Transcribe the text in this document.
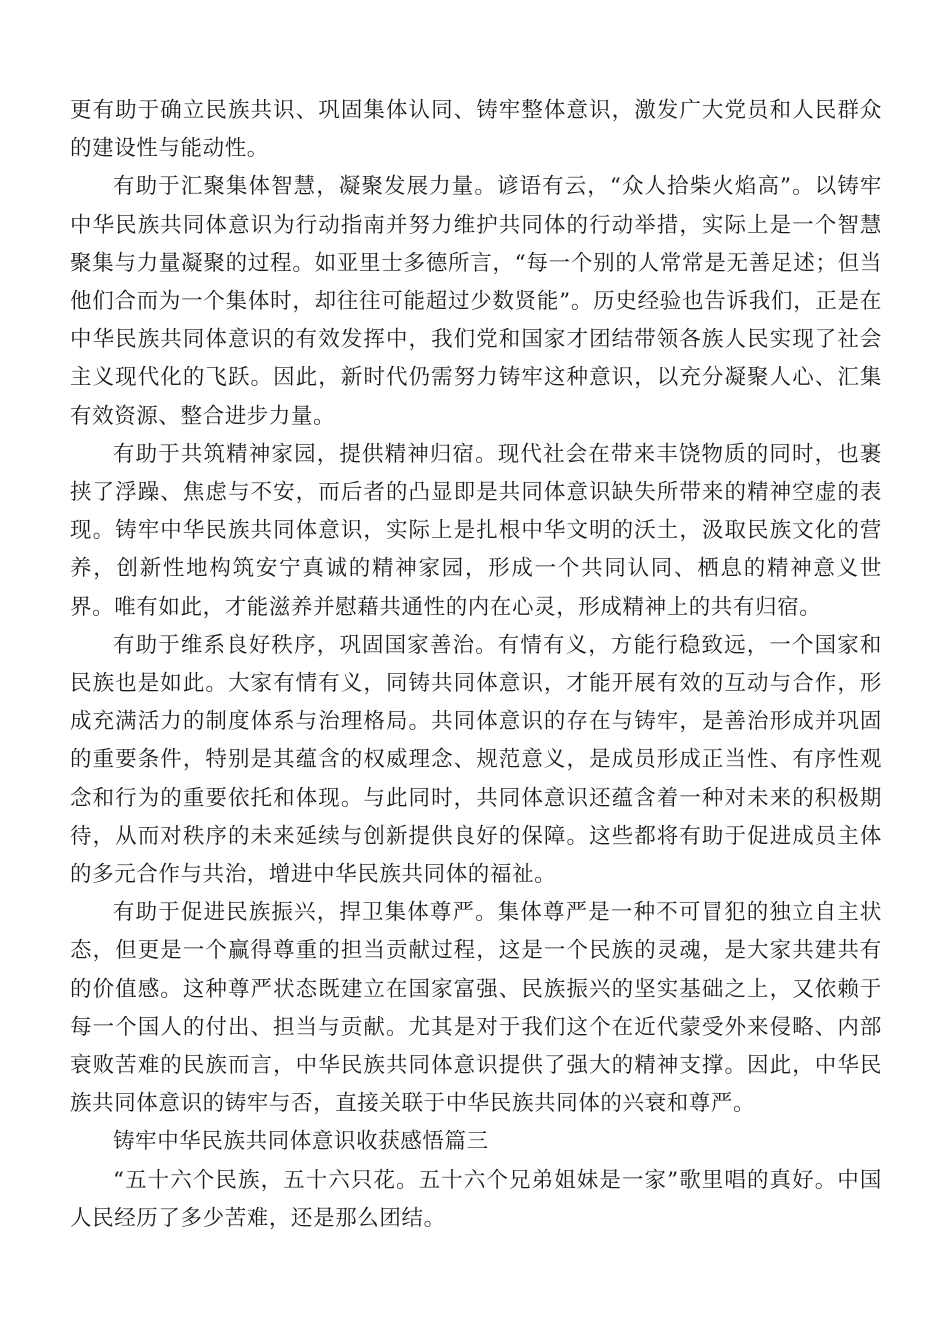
更有助于确立民族共识、巩固集体认同、铸牢整体意识，激发广大党员和人民群众的建设性与能动性。

有助于汇聚集体智慧，凝聚发展力量。谚语有云，“众人拾柴火焰高”。以铸牢中华民族共同体意识为行动指南并努力维护共同体的行动举措，实际上是一个智慧聚集与力量凝聚的过程。如亚里士多德所言，“每一个别的人常常是无善足述；但当他们合而为一个集体时，却往往可能超过少数贤能”。历史经验也告诉我们，正是在中华民族共同体意识的有效发挥中，我们党和国家才团结带领各族人民实现了社会主义现代化的飞跃。因此，新时代仍需努力铸牢这种意识，以充分凝聚人心、汇集有效资源、整合进步力量。

有助于共筑精神家园，提供精神归宿。现代社会在带来丰饶物质的同时，也裹挟了浮躁、焦虑与不安，而后者的凸显即是共同体意识缺失所带来的精神空虚的表现。铸牢中华民族共同体意识，实际上是扎根中华文明的沃土，汲取民族文化的营养，创新性地构筑安宁真诚的精神家园，形成一个共同认同、栖息的精神意义世界。唯有如此，才能滋养并慰藉共通性的内在心灵，形成精神上的共有归宿。

有助于维系良好秩序，巩固国家善治。有情有义，方能行稳致远，一个国家和民族也是如此。大家有情有义，同铸共同体意识，才能开展有效的互动与合作，形成充满活力的制度体系与治理格局。共同体意识的存在与铸牢，是善治形成并巩固的重要条件，特别是其蕴含的权威理念、规范意义，是成员形成正当性、有序性观念和行为的重要依托和体现。与此同时，共同体意识还蕴含着一种对未来的积极期待，从而对秩序的未来延续与创新提供良好的保障。这些都将有助于促进成员主体的多元合作与共治，增进中华民族共同体的福祉。

有助于促进民族振兴，捍卫集体尊严。集体尊严是一种不可冒犯的独立自主状态，但更是一个赢得尊重的担当贡献过程，这是一个民族的灵魂，是大家共建共有的价值感。这种尊严状态既建立在国家富强、民族振兴的坚实基础之上，又依赖于每一个国人的付出、担当与贡献。尤其是对于我们这个在近代蒙受外来侵略、内部衰败苦难的民族而言，中华民族共同体意识提供了强大的精神支撑。因此，中华民族共同体意识的铸牢与否，直接关联于中华民族共同体的兴衰和尊严。

铸牢中华民族共同体意识收获感悟篇三

“五十六个民族，五十六只花。五十六个兄弟姐妹是一家”歌里唱的真好。中国人民经历了多少苦难，还是那么团结。
